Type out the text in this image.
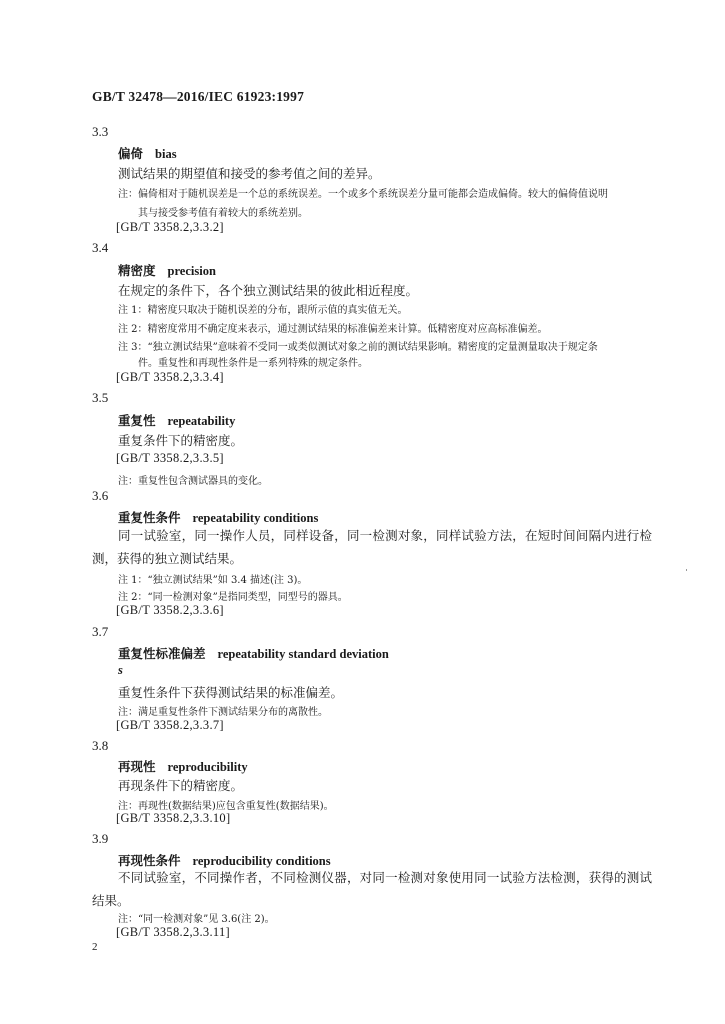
GB/T 32478—2016/IEC 61923:1997
3.3
偏倚 bias
测试结果的期望值和接受的参考值之间的差异。
注：偏倚相对于随机误差是一个总的系统误差。一个或多个系统误差分量可能都会造成偏倚。较大的偏倚值说明
其与接受参考值有着较大的系统差别。
[GB/T 3358.2,3.3.2]
3.4
精密度 precision
在规定的条件下，各个独立测试结果的彼此相近程度。
注 1：精密度只取决于随机误差的分布，跟所示值的真实值无关。
注 2：精密度常用不确定度来表示，通过测试结果的标准偏差来计算。低精密度对应高标准偏差。
注 3：“独立测试结果”意味着不受同一或类似测试对象之前的测试结果影响。精密度的定量测量取决于规定条
件。重复性和再现性条件是一系列特殊的规定条件。
[GB/T 3358.2,3.3.4]
3.5
重复性 repeatability
重复条件下的精密度。
[GB/T 3358.2,3.3.5]
注：重复性包含测试器具的变化。
3.6
重复性条件 repeatability conditions
同一试验室，同一操作人员，同样设备，同一检测对象，同样试验方法，在短时间间隔内进行检测，获得的独立测试结果。
注 1：“独立测试结果”如 3.4 描述(注 3)。
注 2：“同一检测对象”是指同类型，同型号的器具。
[GB/T 3358.2,3.3.6]
3.7
重复性标准偏差 repeatability standard deviation
s
重复性条件下获得测试结果的标准偏差。
注：满足重复性条件下测试结果分布的离散性。
[GB/T 3358.2,3.3.7]
3.8
再现性 reproducibility
再现条件下的精密度。
注：再现性(数据结果)应包含重复性(数据结果)。
[GB/T 3358.2,3.3.10]
3.9
再现性条件 reproducibility conditions
不同试验室，不同操作者，不同检测仪器，对同一检测对象使用同一试验方法检测，获得的测试结果。
注：“同一检测对象”见 3.6(注 2)。
[GB/T 3358.2,3.3.11]
2
